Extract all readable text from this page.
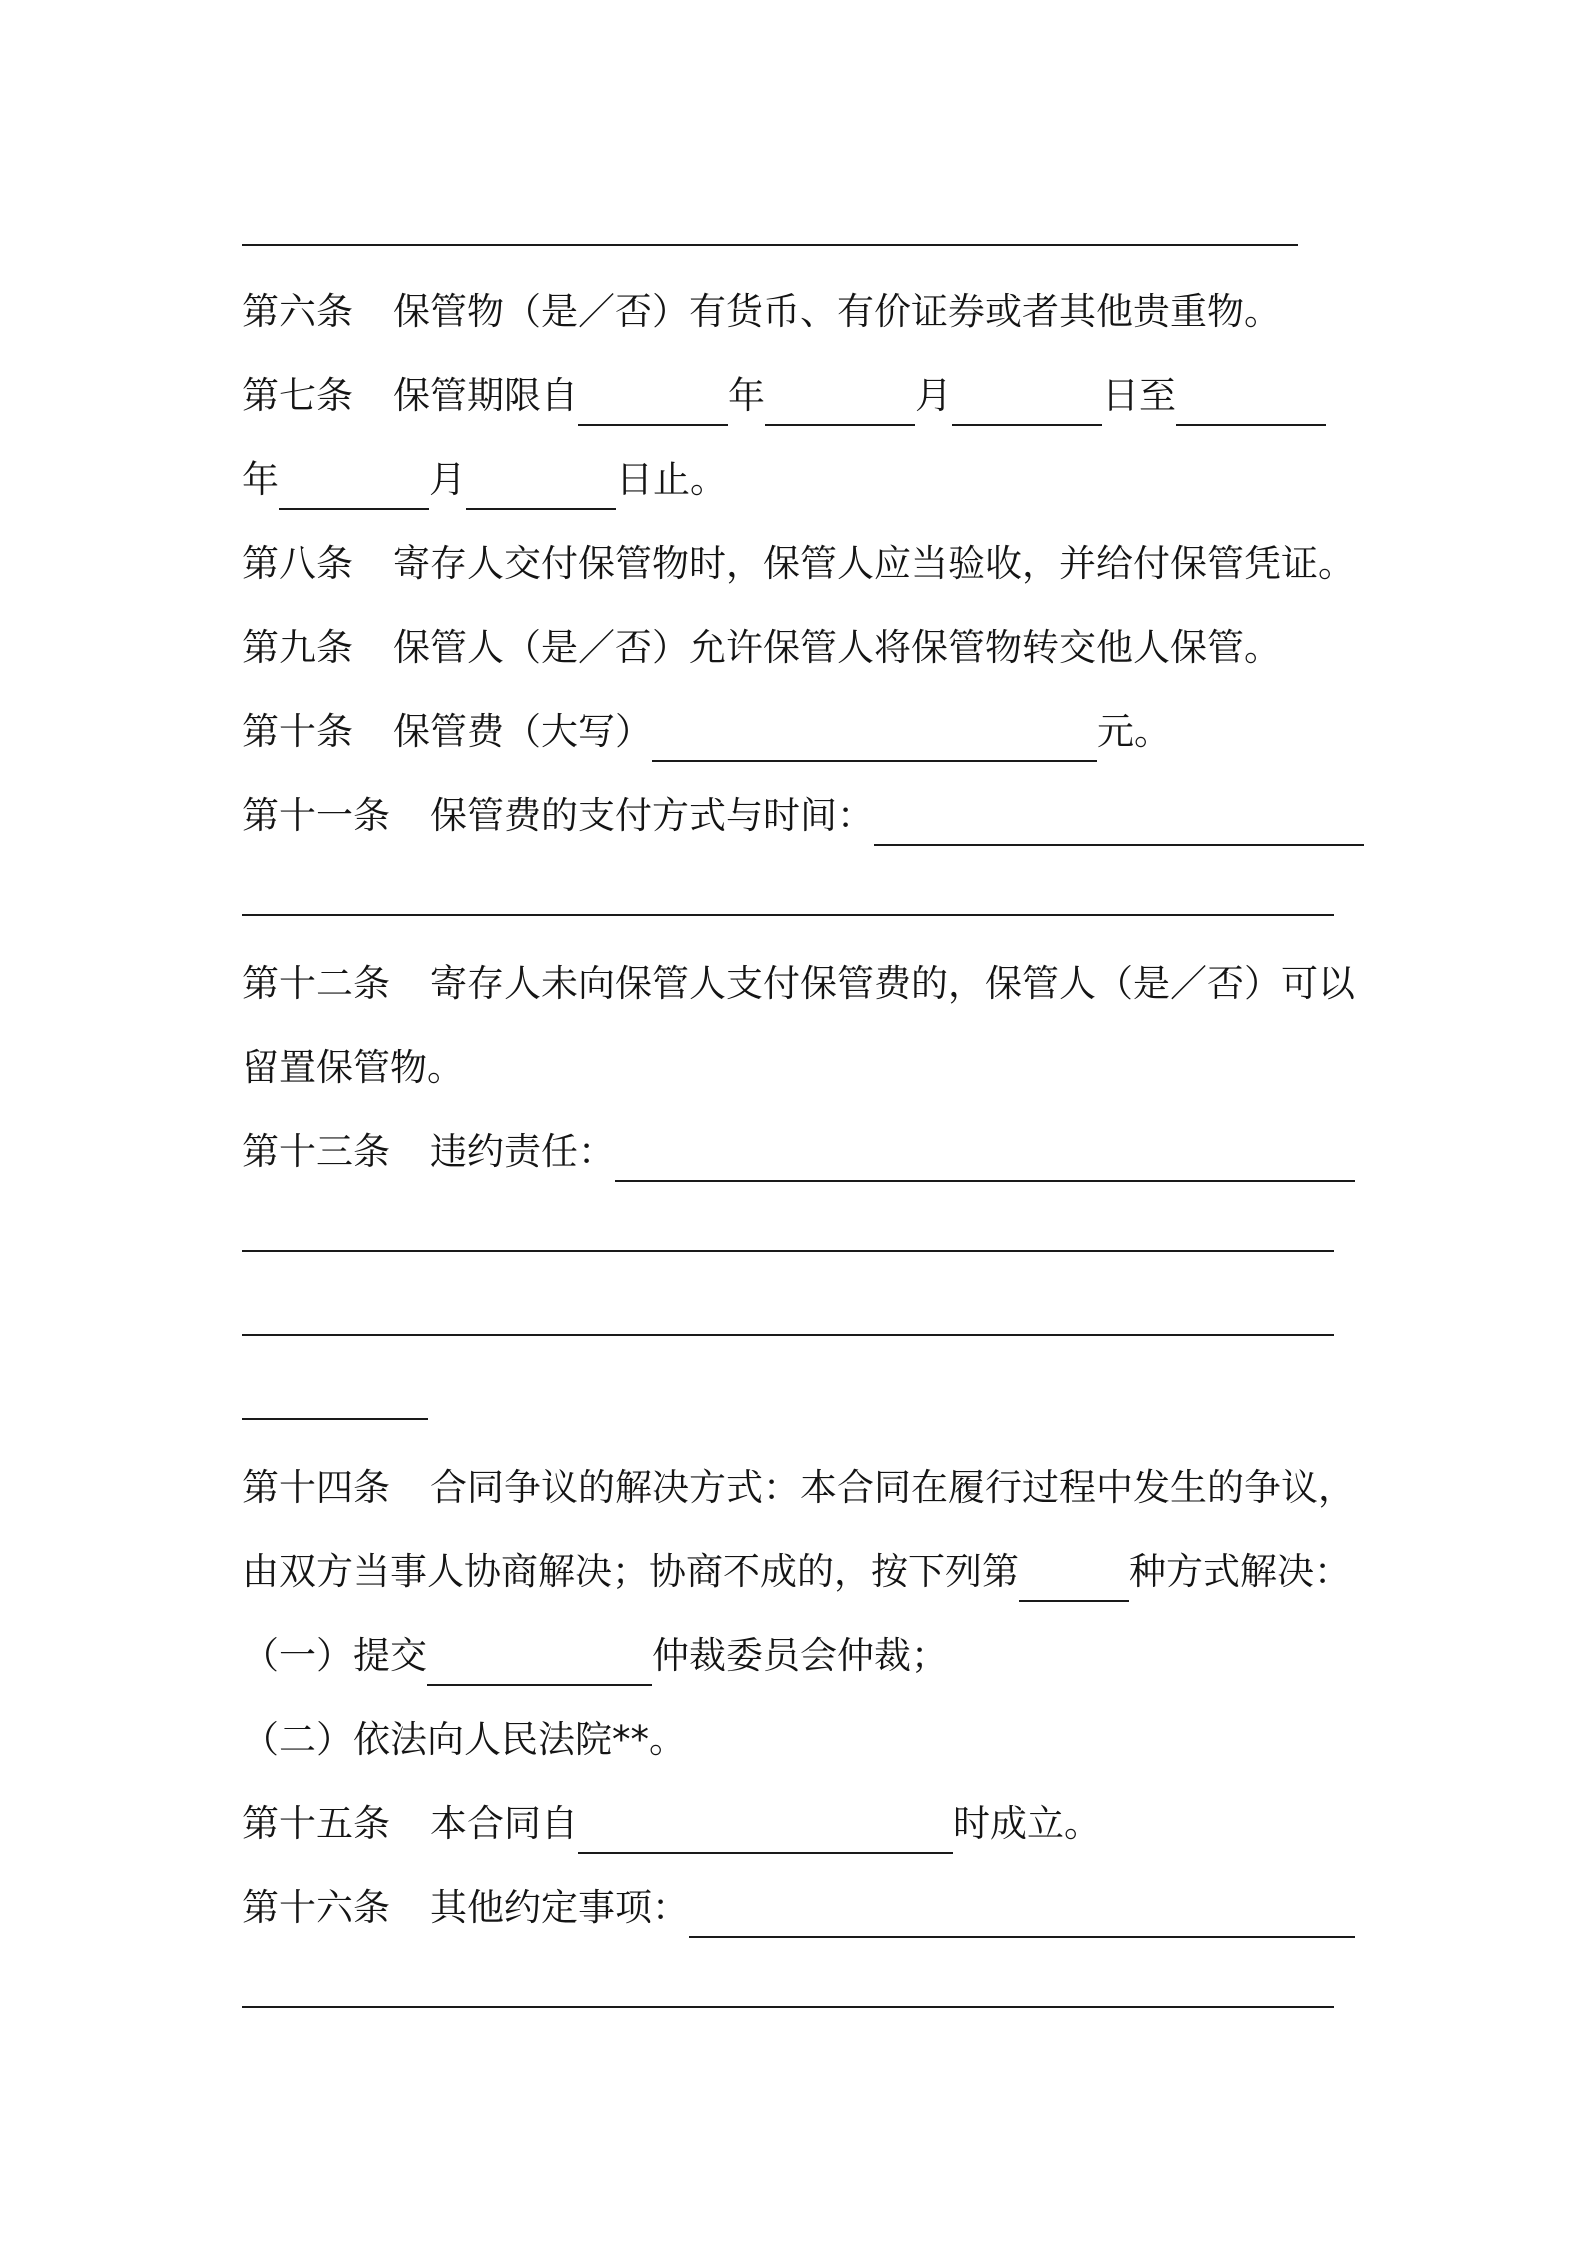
第六条 保管物（是／否）有货币、有价证券或者其他贵重物。
第七条 保管期限自	年	月	日至
年	月	日止。
第八条 寄存人交付保管物时，保管人应当验收，并给付保管凭证。
第九条 保管人（是／否）允许保管人将保管物转交他人保管。
第十条 保管费（大写）	元。
第十一条 保管费的支付方式与时间：
第十二条 寄存人未向保管人支付保管费的，保管人（是／否）可以
留置保管物。
第十三条 违约责任：
第十四条 合同争议的解决方式：本合同在履行过程中发生的争议，
由双方当事人协商解决；协商不成的，按下列第	种方式解决：
（一）提交	仲裁委员会仲裁；
（二）依法向人民法院**。
第十五条 本合同自	时成立。
第十六条 其他约定事项：
